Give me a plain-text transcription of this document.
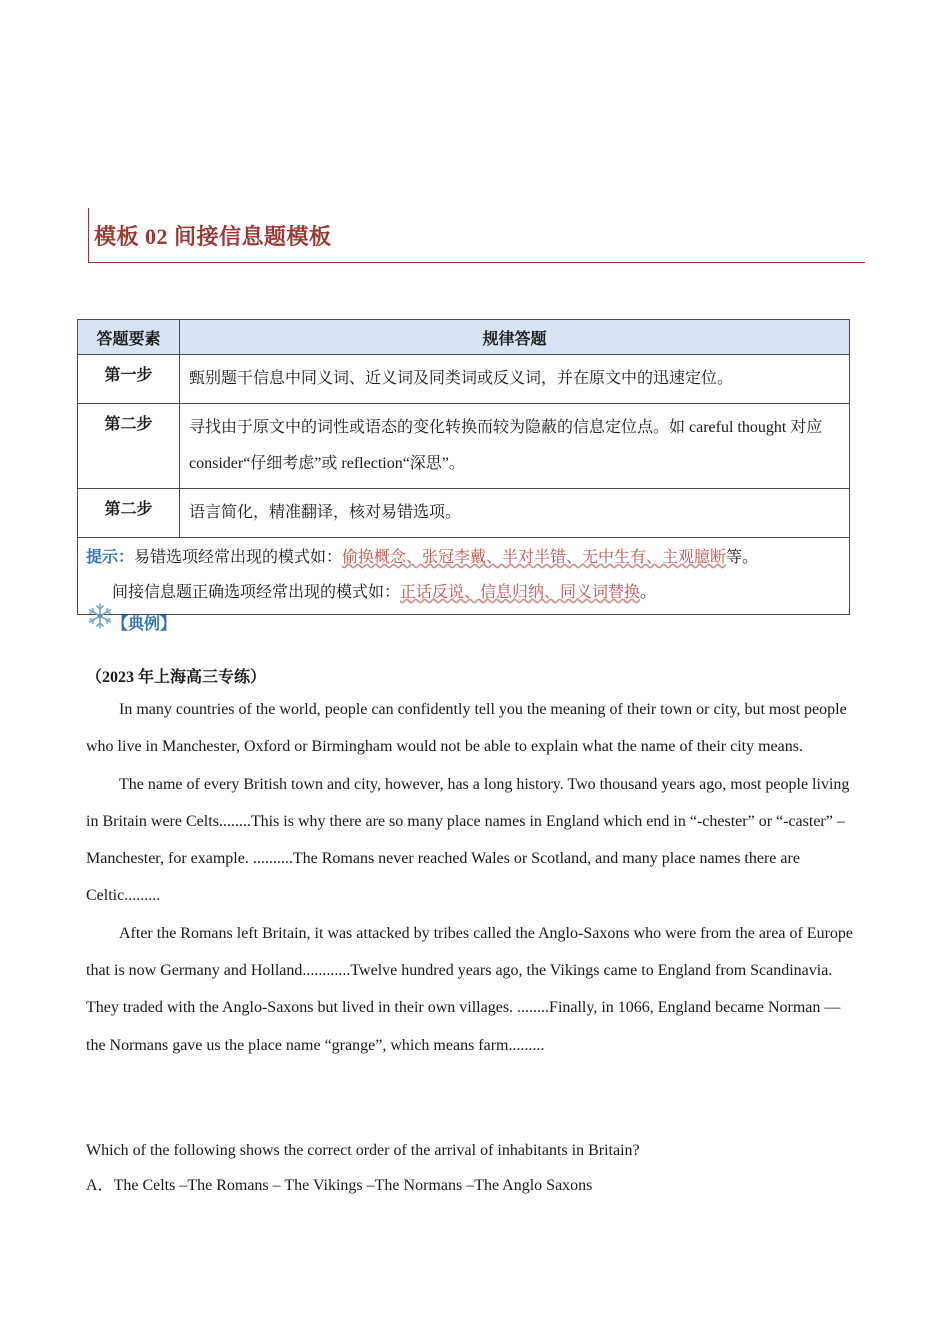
模板 02 间接信息题模板
答题要素	规律答题
第一步	甄别题干信息中同义词、近义词及同类词或反义词，并在原文中的迅速定位。
第二步	寻找由于原文中的词性或语态的变化转换而较为隐蔽的信息定位点。如 careful thought 对应 consider“仔细考虑”或 reflection“深思”。
第二步	语言简化，精准翻译，核对易错选项。

提示：易错选项经常出现的模式如：偷换概念、张冠李戴、半对半错、无中生有、主观臆断等。
间接信息题正确选项经常出现的模式如：正话反说、信息归纳、同义词替换。	
【典例】
（2023 年上海高三专练）

In many countries of the world, people can confidently tell you the meaning of their town or city, but most people who live in Manchester, Oxford or Birmingham would not be able to explain what the name of their city means.

The name of every British town and city, however, has a long history. Two thousand years ago, most people living in Britain were Celts........This is why there are so many place names in England which end in “-chester” or “-caster” –Manchester, for example. ..........The Romans never reached Wales or Scotland, and many place names there are Celtic.........

After the Romans left Britain, it was attacked by tribes called the Anglo-Saxons who were from the area of Europe that is now Germany and Holland............Twelve hundred years ago, the Vikings came to England from Scandinavia. They traded with the Anglo-Saxons but lived in their own villages. ........Finally, in 1066, England became Norman — the Normans gave us the place name “grange”, which means farm.........

Which of the following shows the correct order of the arrival of inhabitants in Britain?
A．The Celts –The Romans – The Vikings –The Normans –The Anglo Saxons
